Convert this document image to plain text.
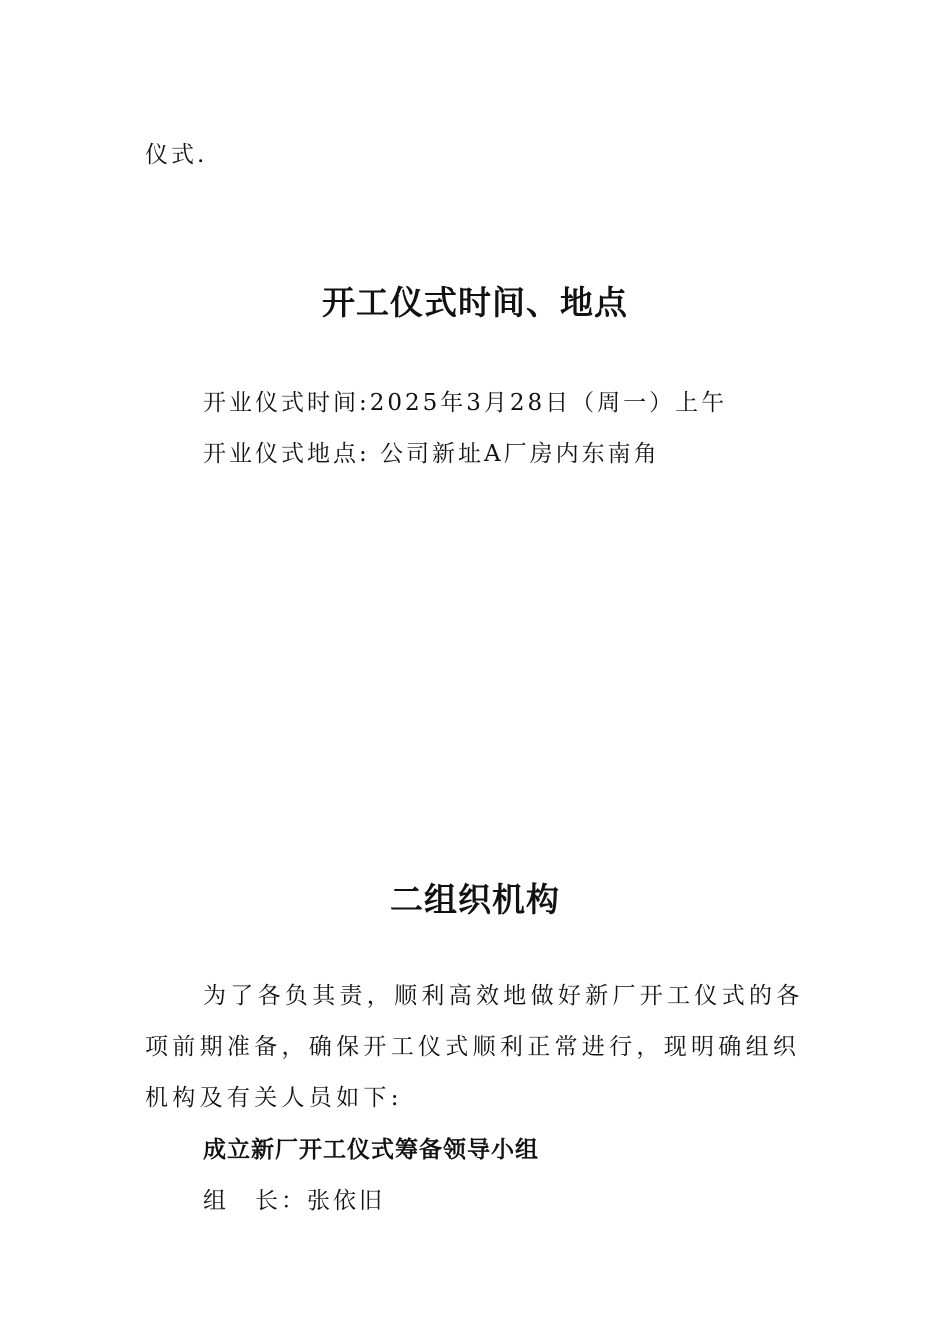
仪式.
开工仪式时间、地点
开业仪式时间:2025年3月28日（周一）上午
开业仪式地点: 公司新址A厂房内东南角
二组织机构
为了各负其责，顺利高效地做好新厂开工仪式的各项前期准备，确保开工仪式顺利正常进行，现明确组织机构及有关人员如下:
成立新厂开工仪式筹备领导小组
组　长：张依旧
